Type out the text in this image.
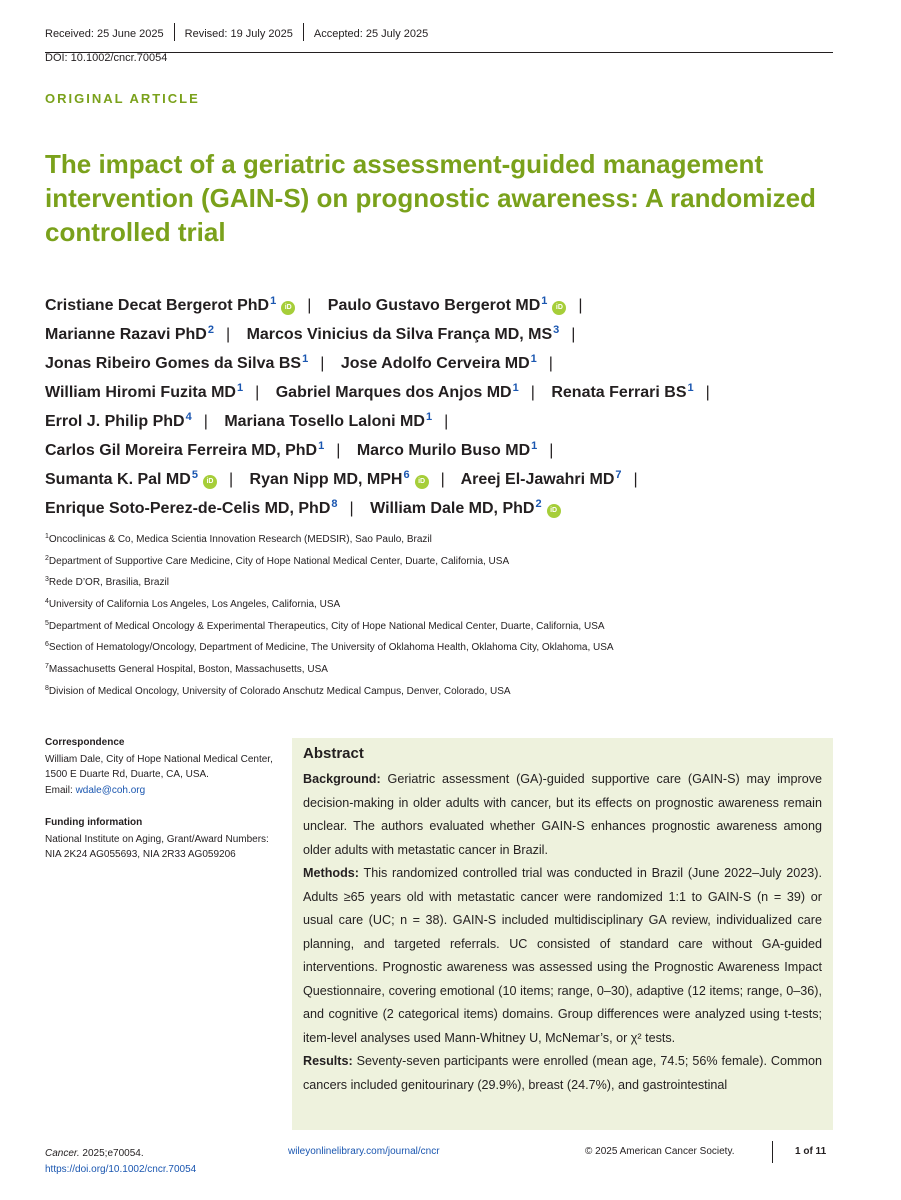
Received: 25 June 2025 Revised: 19 July 2025 Accepted: 25 July 2025
DOI: 10.1002/cncr.70054
ORIGINAL ARTICLE
The impact of a geriatric assessment-guided management intervention (GAIN-S) on prognostic awareness: A randomized controlled trial
Cristiane Decat Bergerot PhD$^1$iD | Paulo Gustavo Bergerot $MD^1iD$ |
Marianne Razavi PhD$^2$ | Marcos Vinicius da Silva França MD, $MS^3$ |
Jonas Ribeiro Gomes da Silva $BS^1$ | Jose Adolfo Cerveira $MD^1$ |
William Hiromi Fuzita $MD^1$ | Gabriel Marques dos Anjos $MD^1$ | Renata Ferrari $BS^1$ |
Errol J. Philip PhD$^4$ | Mariana Tosello Laloni $MD^1$ |
Carlos Gil Moreira Ferreira MD, PhD$^1$ | Marco Murilo Buso $MD^1$ |
Sumanta K. Pal $MD^5iD$ | Ryan Nipp MD, MPH$^6$iD | Areej El-Jawahri $MD^7$ |
Enrique Soto-Perez-de-Celis MD, PhD$^8$ | William Dale MD, PhD$^2$iD
$^1$Oncoclinicas & Co, Medica Scientia Innovation Research (MEDSIR), Sao Paulo, Brazil
$^2$Department of Supportive Care Medicine, City of Hope National Medical Center, Duarte, California, USA
$^3$Rede D’OR, Brasilia, Brazil
$^4$University of California Los Angeles, Los Angeles, California, USA
$^5$Department of Medical Oncology & Experimental Therapeutics, City of Hope National Medical Center, Duarte, California, USA
$^6$Section of Hematology/Oncology, Department of Medicine, The University of Oklahoma Health, Oklahoma City, Oklahoma, USA
$^7$Massachusetts General Hospital, Boston, Massachusetts, USA
$^8$Division of Medical Oncology, University of Colorado Anschutz Medical Campus, Denver, Colorado, USA
Correspondence
William Dale, City of Hope National Medical Center, 1500 E Duarte Rd, Duarte, CA, USA.
Email: wdale@coh.org
Funding information
National Institute on Aging, Grant/Award Numbers: NIA 2K24 AG055693, NIA 2R33 AG059206
Abstract

Background: Geriatric assessment (GA)-guided supportive care (GAIN-S) may improve decision-making in older adults with cancer, but its effects on prognostic awareness remain unclear. The authors evaluated whether GAIN-S enhances prognostic awareness among older adults with metastatic cancer in Brazil.

Methods: This randomized controlled trial was conducted in Brazil (June 2022–July 2023). Adults ≥65 years old with metastatic cancer were randomized 1:1 to GAIN-S (n = 39) or usual care (UC; n = 38). GAIN-S included multidisciplinary GA review, individualized care planning, and targeted referrals. UC consisted of standard care without GA-guided interventions. Prognostic awareness was assessed using the Prognostic Awareness Impact Questionnaire, covering emotional (10 items; range, 0–30), adaptive (12 items; range, 0–36), and cognitive (2 categorical items) domains. Group differences were analyzed using t-tests; item-level analyses used Mann-Whitney U, McNemar’s, or χ² tests.

Results: Seventy-seven participants were enrolled (mean age, 74.5; 56% female). Common cancers included genitourinary (29.9%), breast (24.7%), and gastrointestinal

Cancer. 2025;e70054.
https://doi.org/10.1002/cncr.70054
wileyonlinelibrary.com/journal/cncr	© 2025 American Cancer Society.	1 of 11
